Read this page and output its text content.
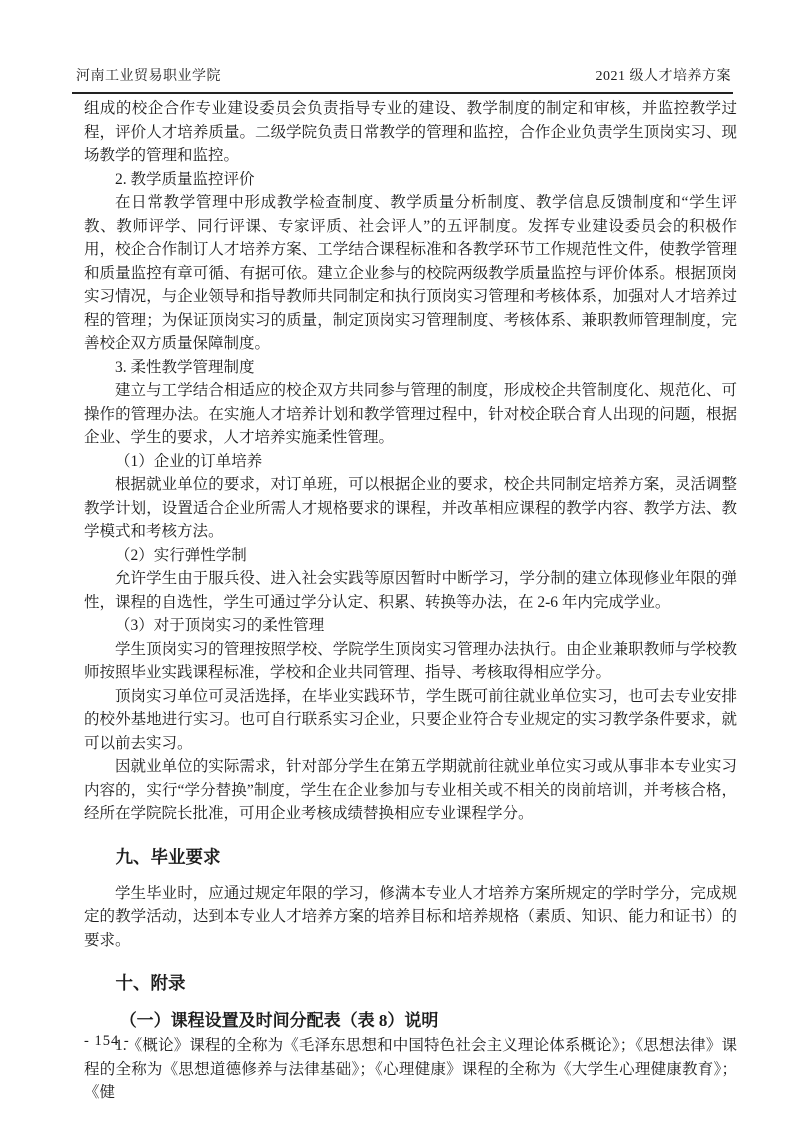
河南工业贸易职业学院	2021 级人才培养方案

组成的校企合作专业建设委员会负责指导专业的建设、教学制度的制定和审核，并监控教学过程，评价人才培养质量。二级学院负责日常教学的管理和监控，合作企业负责学生顶岗实习、现场教学的管理和监控。

2. 教学质量监控评价

在日常教学管理中形成教学检查制度、教学质量分析制度、教学信息反馈制度和“学生评教、教师评学、同行评课、专家评质、社会评人”的五评制度。发挥专业建设委员会的积极作用，校企合作制订人才培养方案、工学结合课程标准和各教学环节工作规范性文件，使教学管理和质量监控有章可循、有据可依。建立企业参与的校院两级教学质量监控与评价体系。根据顶岗实习情况，与企业领导和指导教师共同制定和执行顶岗实习管理和考核体系，加强对人才培养过程的管理；为保证顶岗实习的质量，制定顶岗实习管理制度、考核体系、兼职教师管理制度，完善校企双方质量保障制度。

3. 柔性教学管理制度

建立与工学结合相适应的校企双方共同参与管理的制度，形成校企共管制度化、规范化、可操作的管理办法。在实施人才培养计划和教学管理过程中，针对校企联合育人出现的问题，根据企业、学生的要求，人才培养实施柔性管理。

（1）企业的订单培养

根据就业单位的要求，对订单班，可以根据企业的要求，校企共同制定培养方案，灵活调整教学计划，设置适合企业所需人才规格要求的课程，并改革相应课程的教学内容、教学方法、教学模式和考核方法。

（2）实行弹性学制

允许学生由于服兵役、进入社会实践等原因暂时中断学习，学分制的建立体现修业年限的弹性，课程的自选性，学生可通过学分认定、积累、转换等办法，在 2-6 年内完成学业。

（3）对于顶岗实习的柔性管理

学生顶岗实习的管理按照学校、学院学生顶岗实习管理办法执行。由企业兼职教师与学校教师按照毕业实践课程标准，学校和企业共同管理、指导、考核取得相应学分。

顶岗实习单位可灵活选择，在毕业实践环节，学生既可前往就业单位实习，也可去专业安排的校外基地进行实习。也可自行联系实习企业，只要企业符合专业规定的实习教学条件要求，就可以前去实习。

因就业单位的实际需求，针对部分学生在第五学期就前往就业单位实习或从事非本专业实习内容的，实行“学分替换”制度，学生在企业参加与专业相关或不相关的岗前培训，并考核合格，经所在学院院长批准，可用企业考核成绩替换相应专业课程学分。

九、毕业要求

学生毕业时，应通过规定年限的学习，修满本专业人才培养方案所规定的学时学分，完成规定的教学活动，达到本专业人才培养方案的培养目标和培养规格（素质、知识、能力和证书）的要求。

十、附录

（一）课程设置及时间分配表（表 8）说明

1.《概论》课程的全称为《毛泽东思想和中国特色社会主义理论体系概论》；《思想法律》课程的全称为《思想道德修养与法律基础》；《心理健康》课程的全称为《大学生心理健康教育》；《健

- 154 -
